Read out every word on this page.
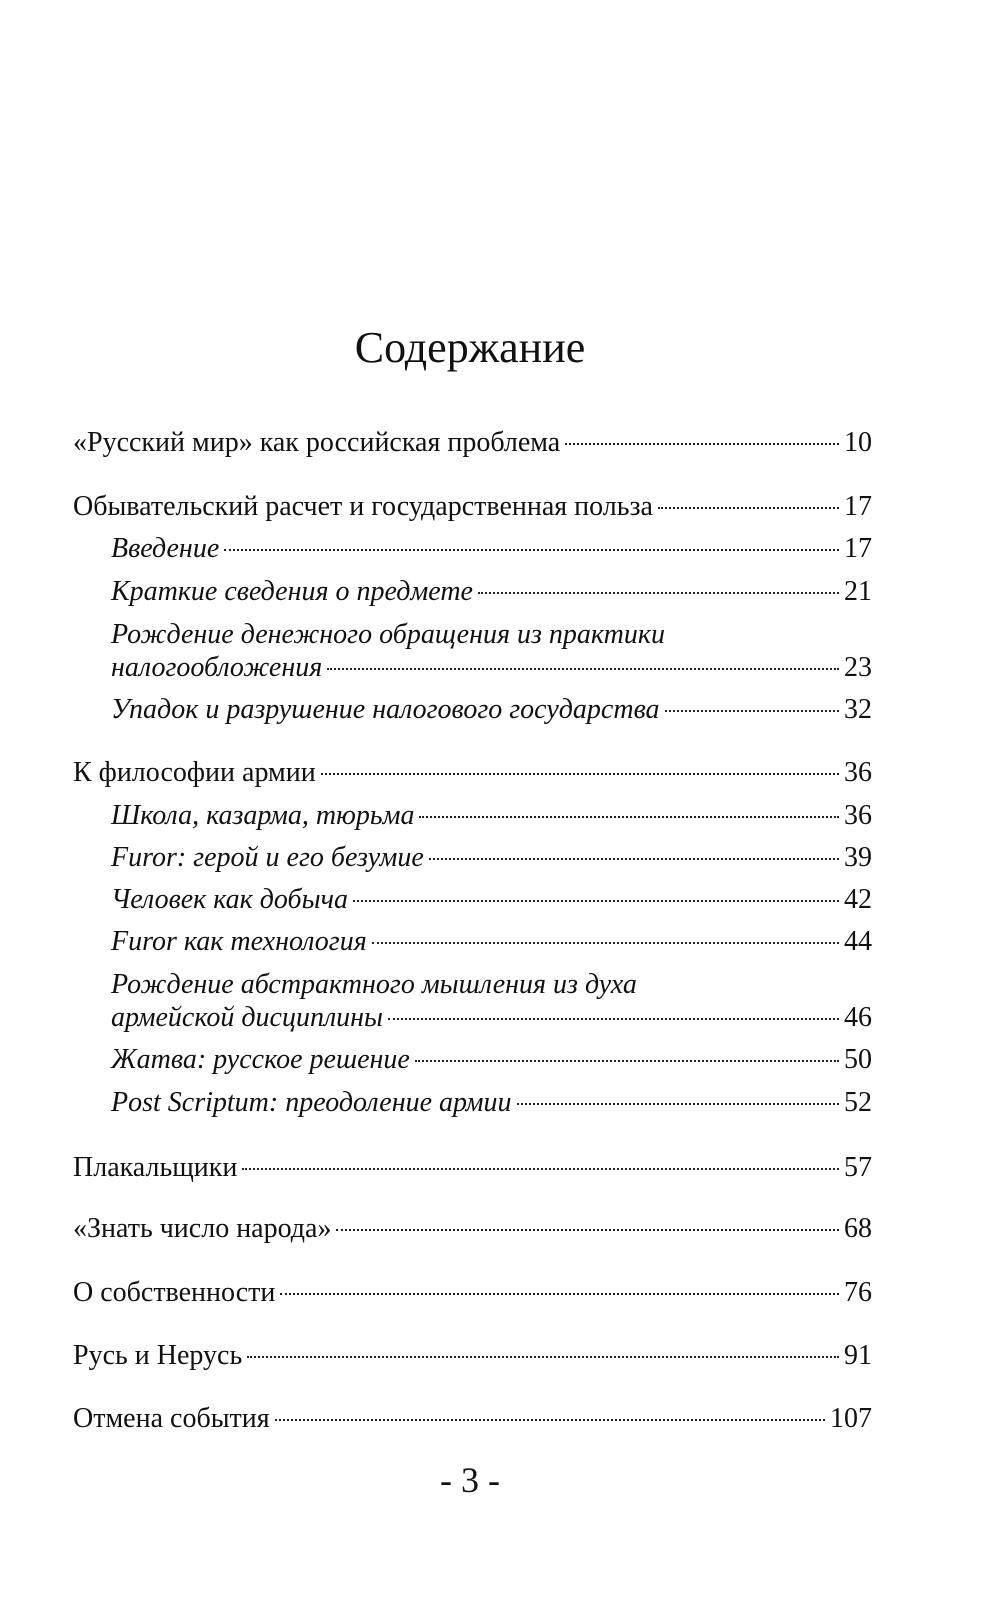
Содержание
«Русский мир» как российская проблема	10
Обывательский расчет и государственная польза	17
Введение	17
Краткие сведения о предмете	21
Рождение денежного обращения из практики
налогообложения	23
Упадок и разрушение налогового государства	32
К философии армии	36
Школа, казарма, тюрьма	36
Furor: герой и его безумие	39
Человек как добыча	42
Furor как технология	44
Рождение абстрактного мышления из духа
армейской дисциплины	46
Жатва: русское решение	50
Post Scriptum: преодоление армии	52
Плакальщики	57
«Знать число народа»	68
О собственности	76
Русь и Нерусь	91
Отмена события	107
- 3 -
